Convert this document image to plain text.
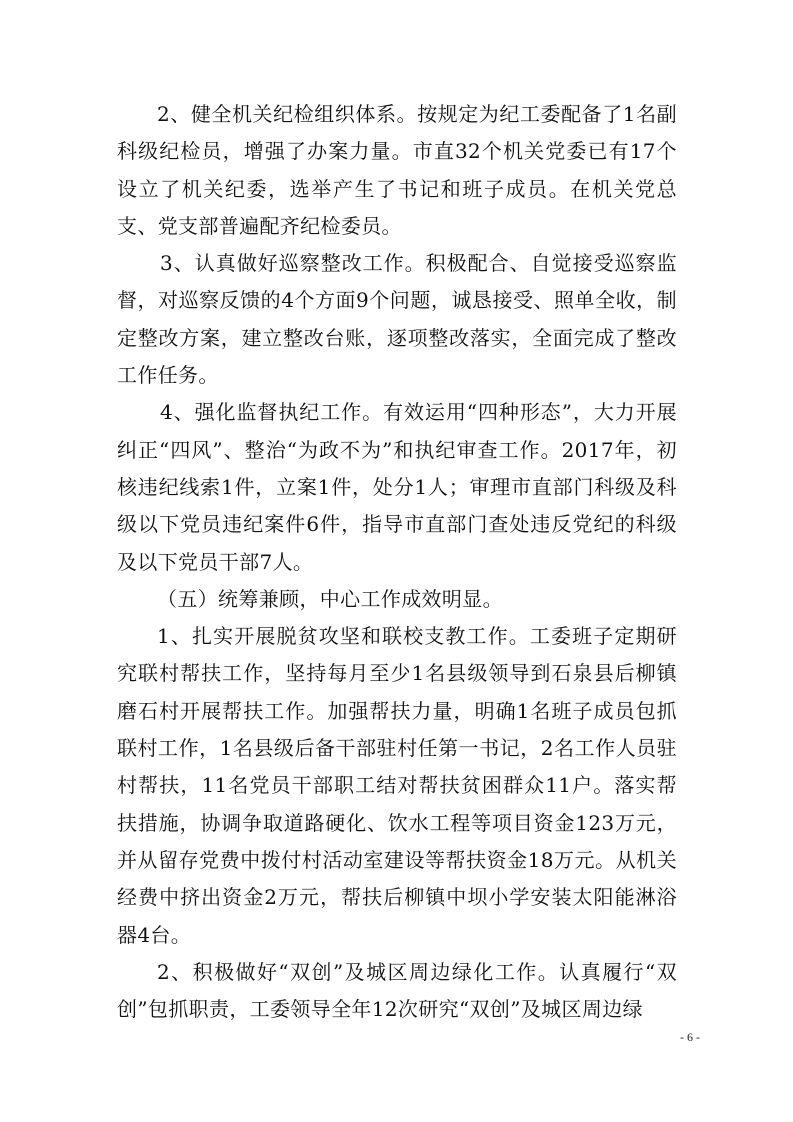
2、健全机关纪检组织体系。按规定为纪工委配备了1名副科级纪检员，增强了办案力量。市直32个机关党委已有17个设立了机关纪委，选举产生了书记和班子成员。在机关党总支、党支部普遍配齐纪检委员。

3、认真做好巡察整改工作。积极配合、自觉接受巡察监督，对巡察反馈的4个方面9个问题，诚恳接受、照单全收，制定整改方案，建立整改台账，逐项整改落实，全面完成了整改工作任务。

4、强化监督执纪工作。有效运用“四种形态”，大力开展纠正“四风”、整治“为政不为”和执纪审查工作。2017年，初核违纪线索1件，立案1件，处分1人；审理市直部门科级及科级以下党员违纪案件6件，指导市直部门查处违反党纪的科级及以下党员干部7人。

（五）统筹兼顾，中心工作成效明显。

1、扎实开展脱贫攻坚和联校支教工作。工委班子定期研究联村帮扶工作，坚持每月至少1名县级领导到石泉县后柳镇磨石村开展帮扶工作。加强帮扶力量，明确1名班子成员包抓联村工作，1名县级后备干部驻村任第一书记，2名工作人员驻村帮扶，11名党员干部职工结对帮扶贫困群众11户。落实帮扶措施，协调争取道路硬化、饮水工程等项目资金123万元，并从留存党费中拨付村活动室建设等帮扶资金18万元。从机关经费中挤出资金2万元，帮扶后柳镇中坝小学安装太阳能淋浴器4台。

2、积极做好“双创”及城区周边绿化工作。认真履行“双创”包抓职责，工委领导全年12次研究“双创”及城区周边绿

- 6 -
